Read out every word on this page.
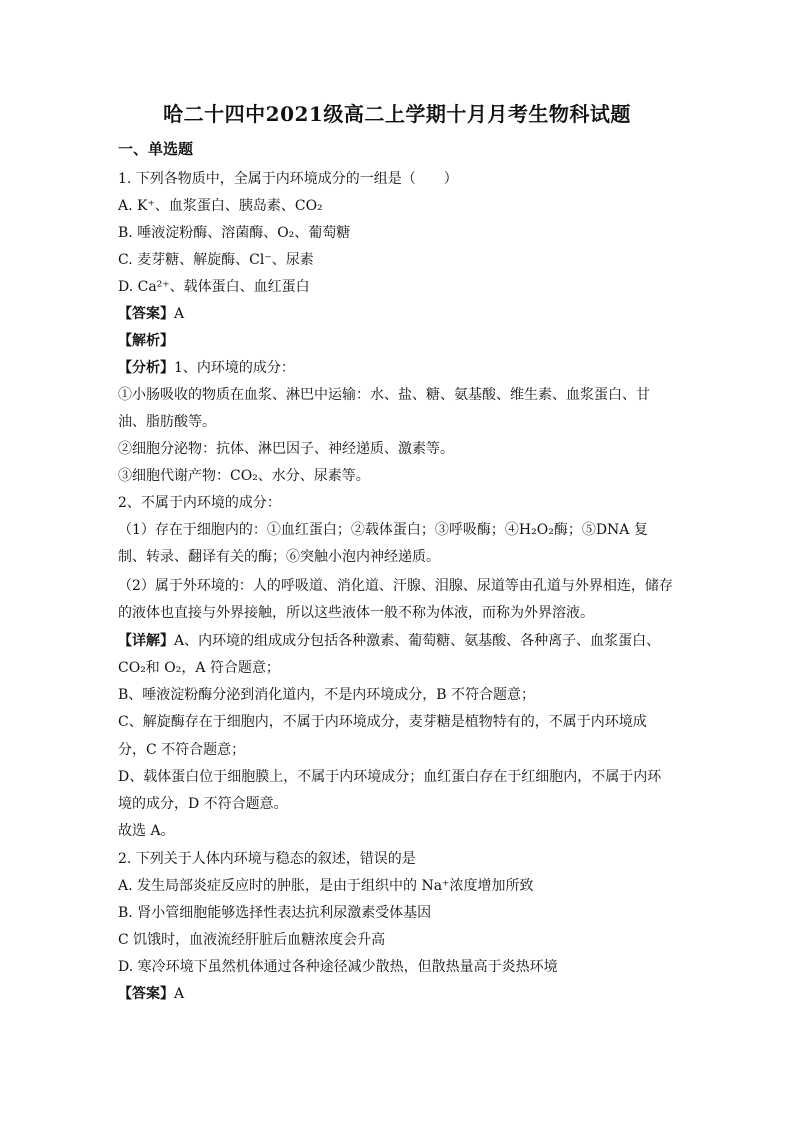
哈二十四中2021级高二上学期十月月考生物科试题
一、单选题
1. 下列各物质中，全属于内环境成分的一组是（　　）
A. K⁺、血浆蛋白、胰岛素、CO₂
B. 唾液淀粉酶、溶菌酶、O₂、葡萄糖
C. 麦芽糖、解旋酶、Cl⁻、尿素
D. Ca²⁺、载体蛋白、血红蛋白
【答案】A
【解析】
【分析】1、内环境的成分：
①小肠吸收的物质在血浆、淋巴中运输：水、盐、糖、氨基酸、维生素、血浆蛋白、甘
油、脂肪酸等。
②细胞分泌物：抗体、淋巴因子、神经递质、激素等。
③细胞代谢产物：CO₂、水分、尿素等。
2、不属于内环境的成分：
（1）存在于细胞内的：①血红蛋白；②载体蛋白；③呼吸酶；④H₂O₂酶；⑤DNA 复
制、转录、翻译有关的酶；⑥突触小泡内神经递质。
（2）属于外环境的：人的呼吸道、消化道、汗腺、泪腺、尿道等由孔道与外界相连，储存
的液体也直接与外界接触，所以这些液体一般不称为体液，而称为外界溶液。
【详解】A、内环境的组成成分包括各种激素、葡萄糖、氨基酸、各种离子、血浆蛋白、
CO₂和 O₂，A 符合题意；
B、唾液淀粉酶分泌到消化道内，不是内环境成分，B 不符合题意；
C、解旋酶存在于细胞内，不属于内环境成分，麦芽糖是植物特有的，不属于内环境成
分，C 不符合题意；
D、载体蛋白位于细胞膜上，不属于内环境成分；血红蛋白存在于红细胞内，不属于内环
境的成分，D 不符合题意。
故选 A。
2. 下列关于人体内环境与稳态的叙述，错误的是
A. 发生局部炎症反应时的肿胀，是由于组织中的 Na⁺浓度增加所致
B. 肾小管细胞能够选择性表达抗利尿激素受体基因
C 饥饿时，血液流经肝脏后血糖浓度会升高
D. 寒冷环境下虽然机体通过各种途径减少散热，但散热量高于炎热环境
【答案】A
